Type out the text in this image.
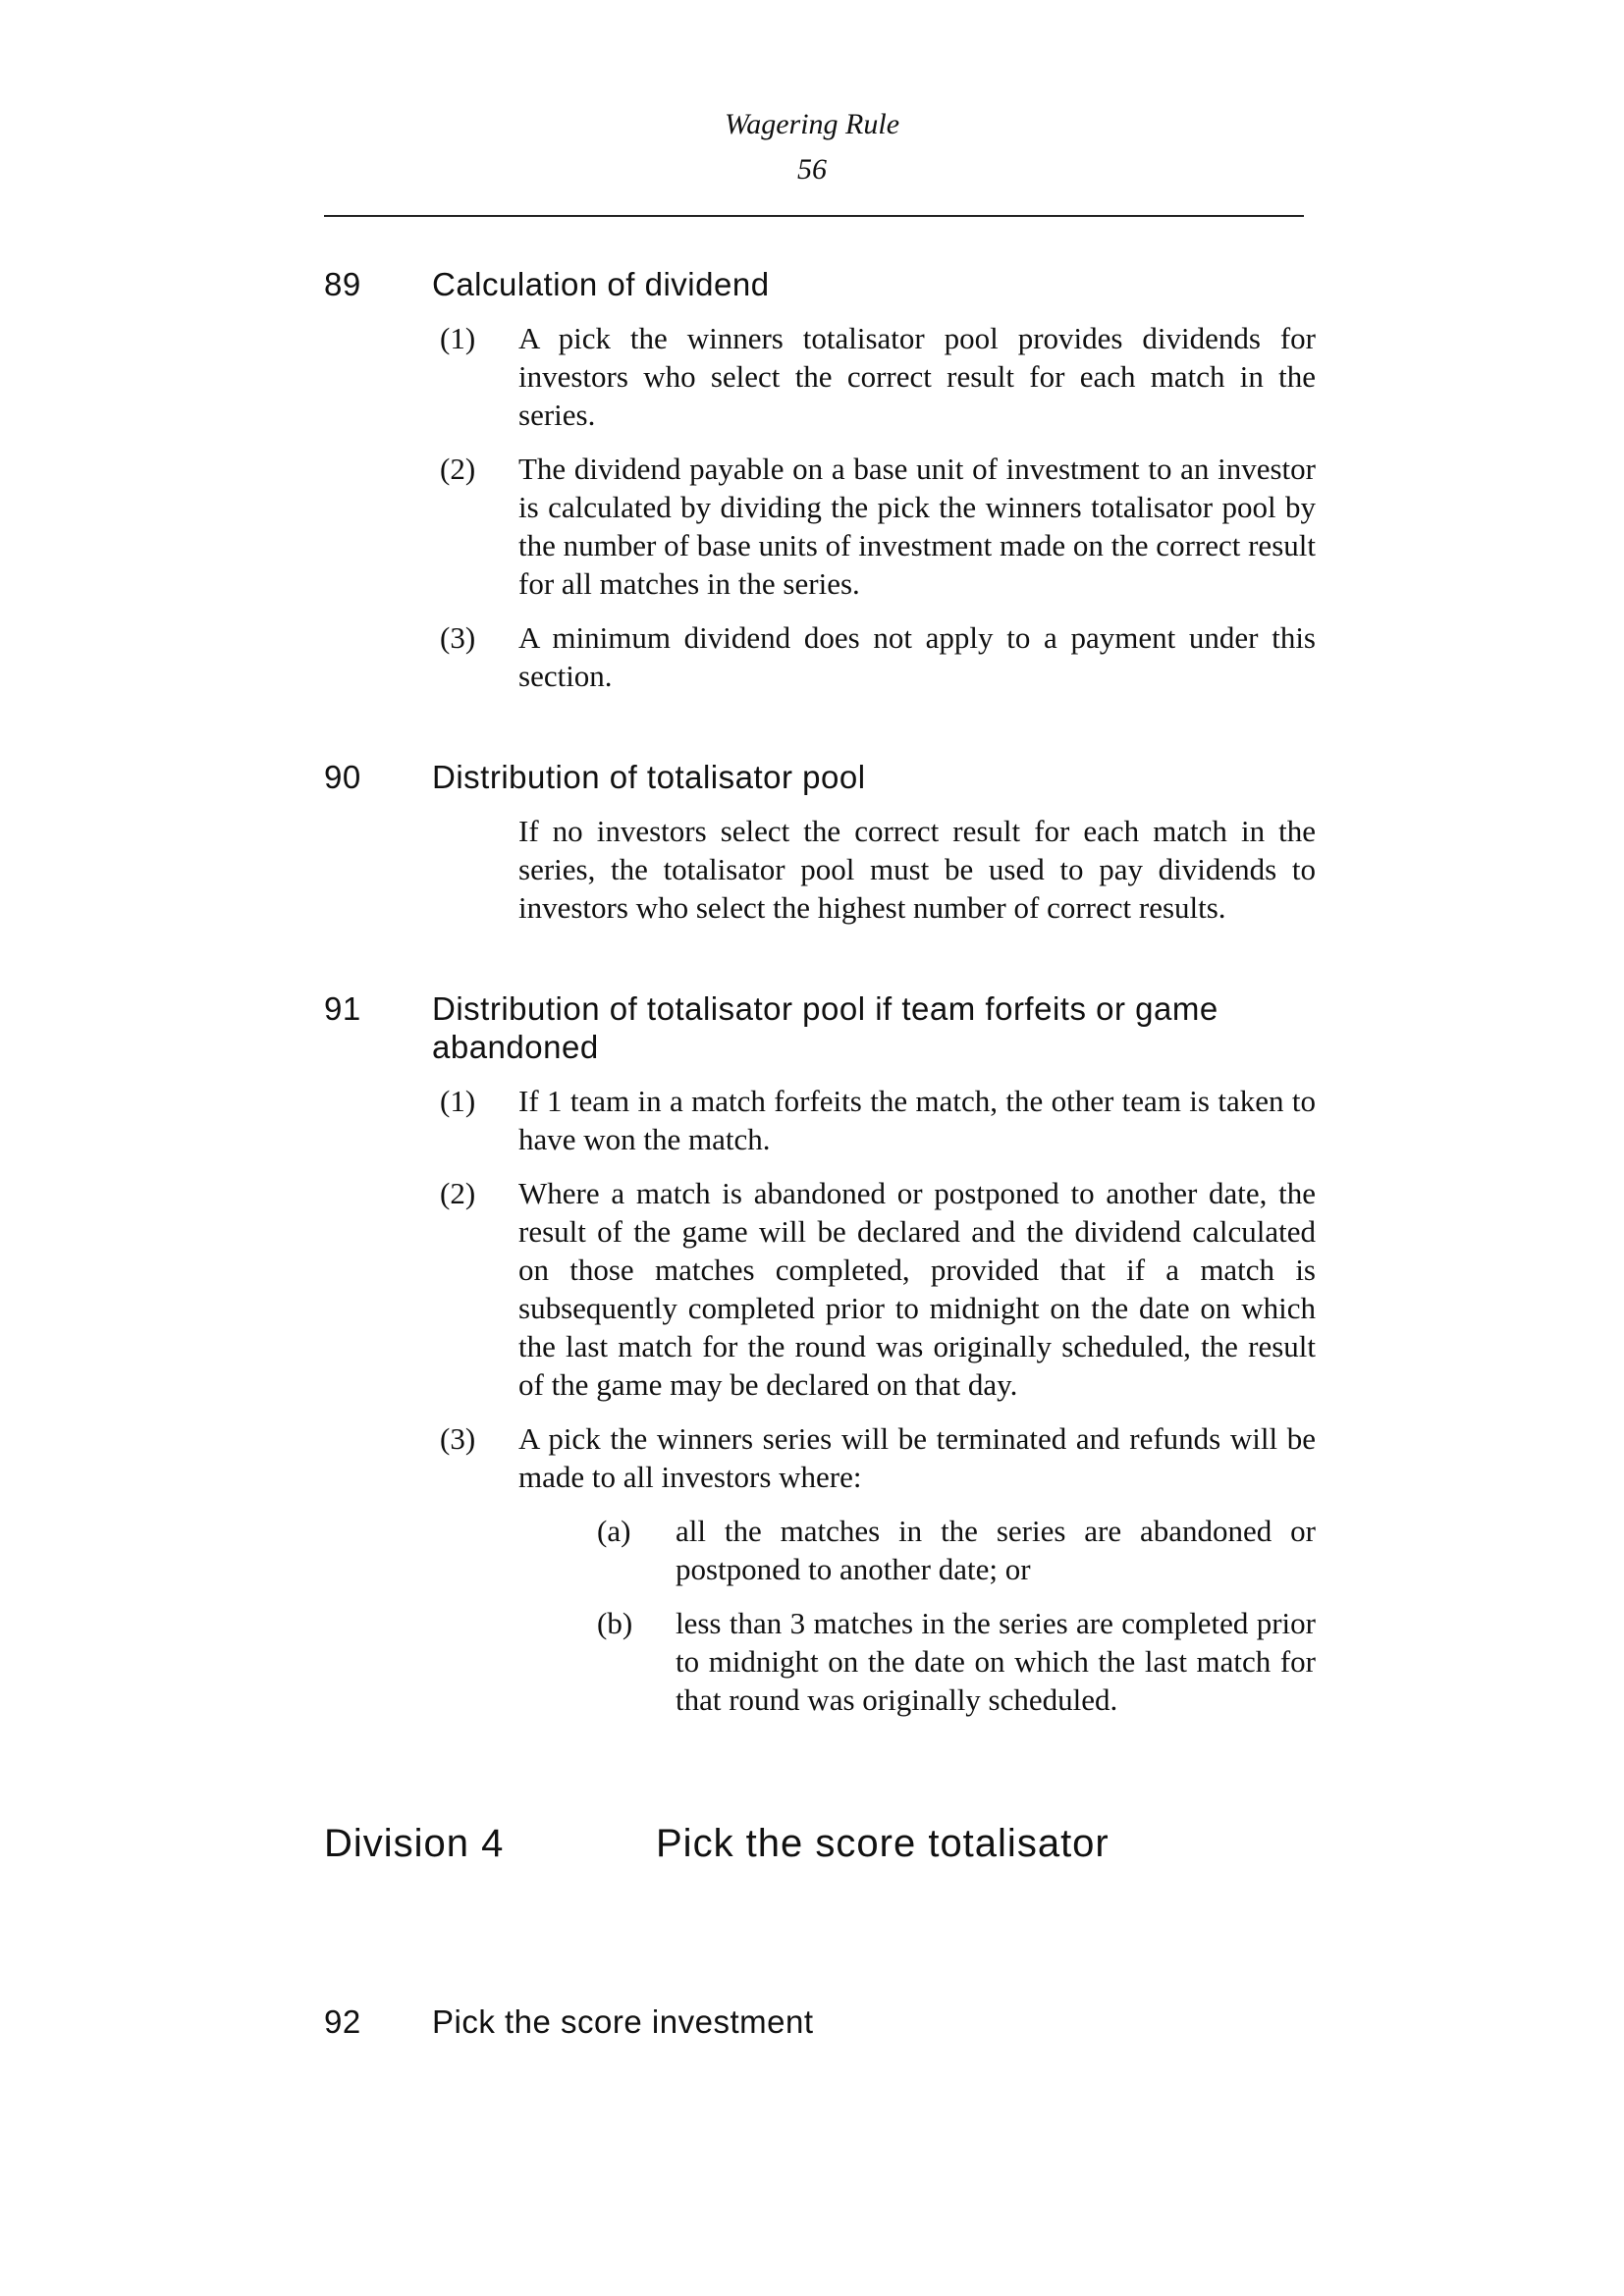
Wagering Rule
56
89	Calculation of dividend
(1)	A pick the winners totalisator pool provides dividends for investors who select the correct result for each match in the series.
(2)	The dividend payable on a base unit of investment to an investor is calculated by dividing the pick the winners totalisator pool by the number of base units of investment made on the correct result for all matches in the series.
(3)	A minimum dividend does not apply to a payment under this section.
90	Distribution of totalisator pool
If no investors select the correct result for each match in the series, the totalisator pool must be used to pay dividends to investors who select the highest number of correct results.
91	Distribution of totalisator pool if team forfeits or game abandoned
(1)	If 1 team in a match forfeits the match, the other team is taken to have won the match.
(2)	Where a match is abandoned or postponed to another date, the result of the game will be declared and the dividend calculated on those matches completed, provided that if a match is subsequently completed prior to midnight on the date on which the last match for the round was originally scheduled, the result of the game may be declared on that day.
(3)	A pick the winners series will be terminated and refunds will be made to all investors where:
(a)	all the matches in the series are abandoned or postponed to another date; or
(b)	less than 3 matches in the series are completed prior to midnight on the date on which the last match for that round was originally scheduled.
Division 4	Pick the score totalisator
92	Pick the score investment
